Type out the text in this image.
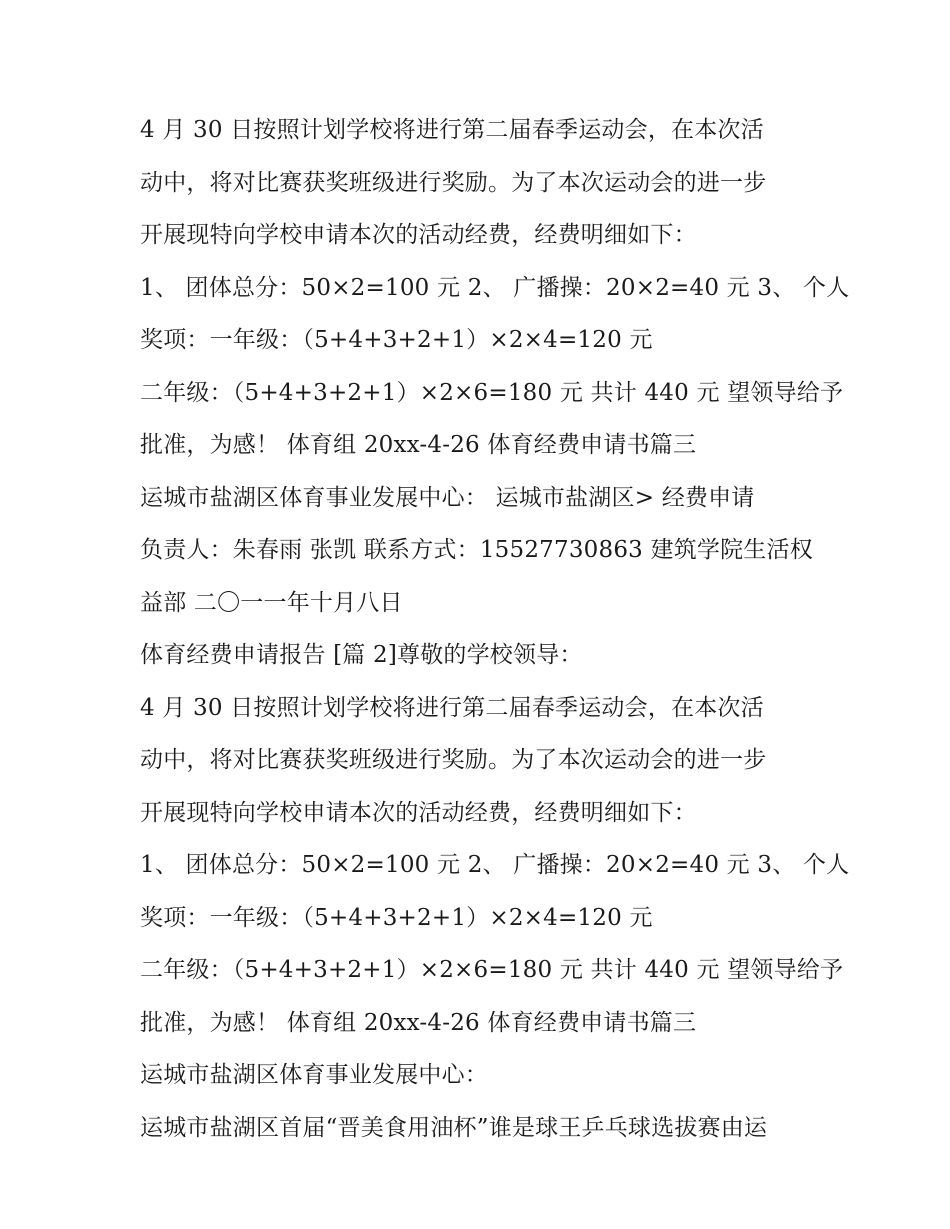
4 月 30 日按照计划学校将进行第二届春季运动会，在本次活
动中，将对比赛获奖班级进行奖励。为了本次运动会的进一步
开展现特向学校申请本次的活动经费，经费明细如下：
1、 团体总分：50×2=100 元 2、 广播操：20×2=40 元 3、 个人
奖项：一年级：（5+4+3+2+1）×2×4=120 元
二年级：（5+4+3+2+1）×2×6=180 元 共计 440 元 望领导给予
批准，为感！ 体育组 20xx-4-26 体育经费申请书篇三
运城市盐湖区体育事业发展中心： 运城市盐湖区> 经费申请
负责人：朱春雨 张凯 联系方式：15527730863 建筑学院生活权
益部 二〇一一年十月八日
体育经费申请报告 [篇 2]尊敬的学校领导：
4 月 30 日按照计划学校将进行第二届春季运动会，在本次活
动中，将对比赛获奖班级进行奖励。为了本次运动会的进一步
开展现特向学校申请本次的活动经费，经费明细如下：
1、 团体总分：50×2=100 元 2、 广播操：20×2=40 元 3、 个人
奖项：一年级：（5+4+3+2+1）×2×4=120 元
二年级：（5+4+3+2+1）×2×6=180 元 共计 440 元 望领导给予
批准，为感！ 体育组 20xx-4-26 体育经费申请书篇三
运城市盐湖区体育事业发展中心：
运城市盐湖区首届“晋美食用油杯”谁是球王乒乓球选拔赛由运
